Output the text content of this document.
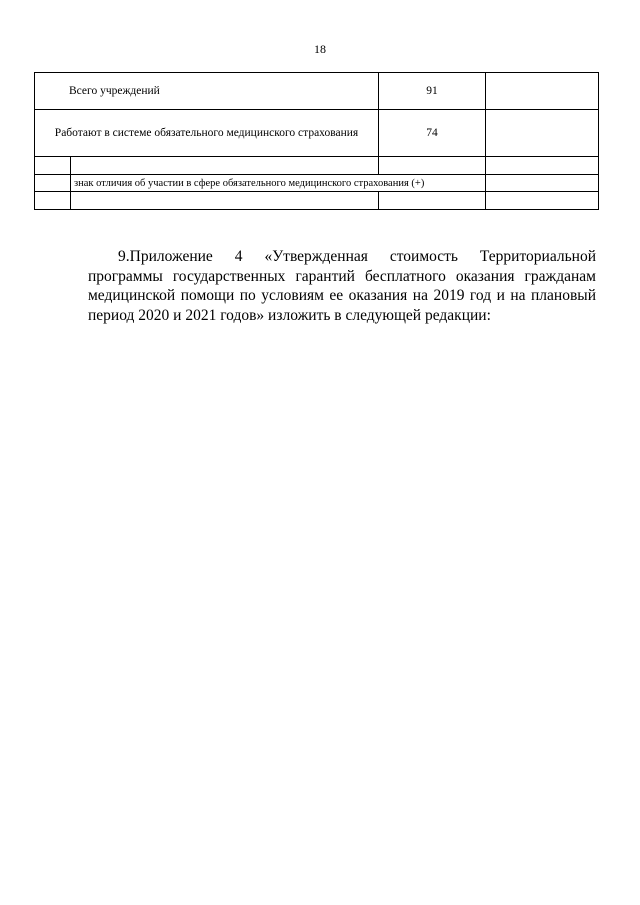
18
Всего учреждений		91	
Работают в системе обязательного медицинского страхования		74	

	знак отличия об участии в сфере обязательного медицинского страхования (+)		

9.Приложение 4 «Утвержденная стоимость Территориальной программы государственных гарантий бесплатного оказания гражданам медицинской помощи по условиям ее оказания на 2019 год и на плановый период 2020 и 2021 годов» изложить в следующей редакции:
